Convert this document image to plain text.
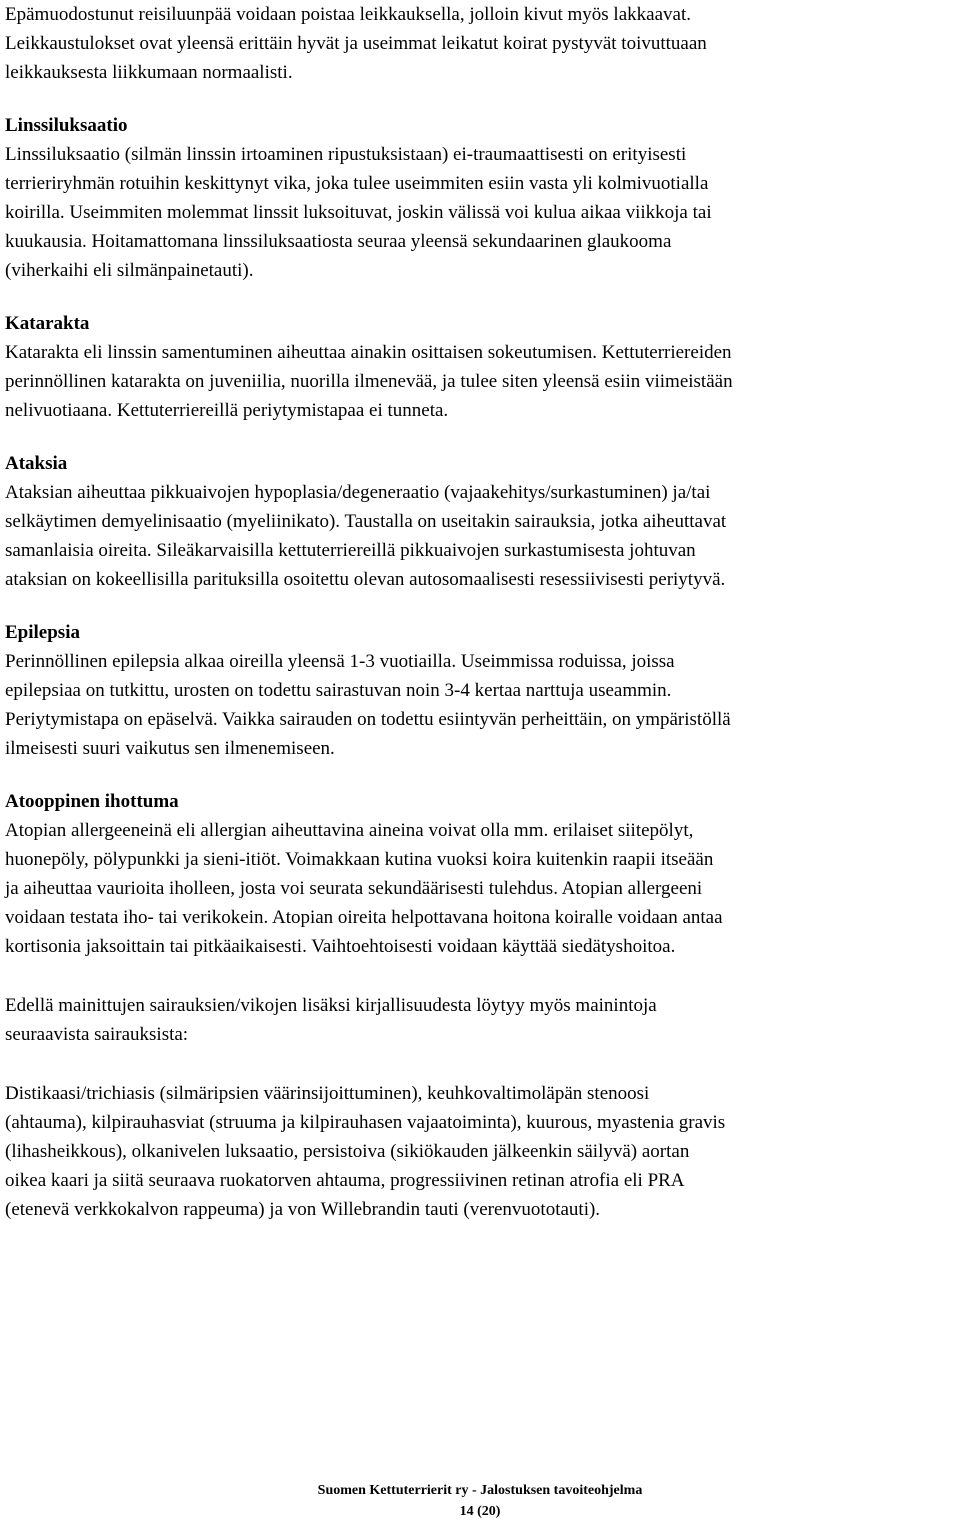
Epämuodostunut reisiluunpää voidaan poistaa leikkauksella, jolloin kivut myös lakkaavat.
Leikkaustulokset ovat yleensä erittäin hyvät ja useimmat leikatut koirat pystyvät toivuttuaan
leikkauksesta liikkumaan normaalisti.

Linssiluksaatio

Linssiluksaatio (silmän linssin irtoaminen ripustuksistaan) ei-traumaattisesti on erityisesti
terrieriryhmän rotuihin keskittynyt vika, joka tulee useimmiten esiin vasta yli kolmivuotialla
koirilla. Useimmiten molemmat linssit luksoituvat, joskin välissä voi kulua aikaa viikkoja tai
kuukausia. Hoitamattomana linssiluksaatiosta seuraa yleensä sekundaarinen glaukooma
(viherkaihi eli silmänpainetauti).

Katarakta

Katarakta eli linssin samentuminen aiheuttaa ainakin osittaisen sokeutumisen. Kettuterriereiden
perinnöllinen katarakta on juveniilia, nuorilla ilmenevää, ja tulee siten yleensä esiin viimeistään
nelivuotiaana. Kettuterriereillä periytymistapaa ei tunneta.

Ataksia

Ataksian aiheuttaa pikkuaivojen hypoplasia/degeneraatio (vajaakehitys/surkastuminen) ja/tai
selkäytimen demyelinisaatio (myeliinikato). Taustalla on useitakin sairauksia, jotka aiheuttavat
samanlaisia oireita. Sileäkarvaisilla kettuterriereillä pikkuaivojen surkastumisesta johtuvan
ataksian on kokeellisilla parituksilla osoitettu olevan autosomaalisesti resessiivisesti periytyvä.

Epilepsia

Perinnöllinen epilepsia alkaa oireilla yleensä 1-3 vuotiailla. Useimmissa roduissa, joissa
epilepsiaa on tutkittu, urosten on todettu sairastuvan noin 3-4 kertaa narttuja useammin.
Periytymistapa on epäselvä. Vaikka sairauden on todettu esiintyvän perheittäin, on ympäristöllä
ilmeisesti suuri vaikutus sen ilmenemiseen.

Atooppinen ihottuma

Atopian allergeeneinä eli allergian aiheuttavina aineina voivat olla mm. erilaiset siitepölyt,
huonepöly, pölypunkki ja sieni-itiöt. Voimakkaan kutina vuoksi koira kuitenkin raapii itseään
ja aiheuttaa vaurioita iholleen, josta voi seurata sekundäärisesti tulehdus. Atopian allergeeni
voidaan testata iho- tai verikokein. Atopian oireita helpottavana hoitona koiralle voidaan antaa
kortisonia jaksoittain tai pitkäaikaisesti. Vaihtoehtoisesti voidaan käyttää siedätyshoitoa.

Edellä mainittujen sairauksien/vikojen lisäksi kirjallisuudesta löytyy myös mainintoja
seuraavista sairauksista:

Distikaasi/trichiasis (silmäripsien väärinsijoittuminen), keuhkovaltimoläpän stenoosi
(ahtauma), kilpirauhasviat (struuma ja kilpirauhasen vajaatoiminta), kuurous, myastenia gravis
(lihasheikkous), olkanivelen luksaatio, persistoiva (sikiökauden jälkeenkin säilyvä) aortan
oikea kaari ja siitä seuraava ruokatorven ahtauma, progressiivinen retinan atrofia eli PRA
(etenevä verkkokalvon rappeuma) ja von Willebrandin tauti (verenvuototauti).

Suomen Kettuterrierit ry - Jalostuksen tavoiteohjelma
14 (20)
